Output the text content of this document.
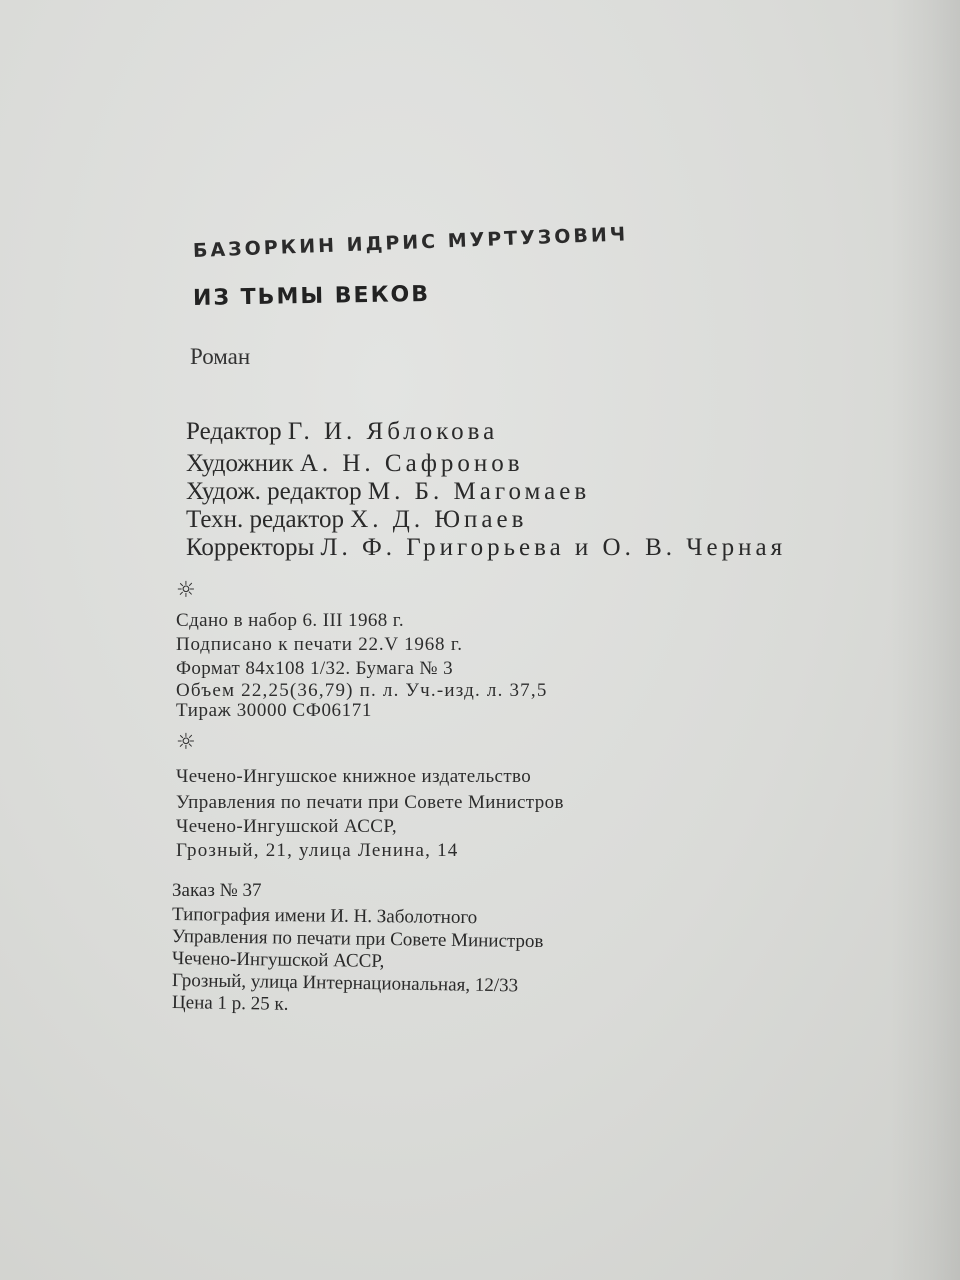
БАЗОРКИН ИДРИС МУРТУЗОВИЧ
ИЗ ТЬМЫ ВЕКОВ
Роман
Редактор Г. И. Яблокова
Художник А. Н. Сафронов
Худож. редактор М. Б. Магомаев
Техн. редактор Х. Д. Юпаев
Корректоры Л. Ф. Григорьева и О. В. Черная
☼
Сдано в набор 6. III 1968 г.
Подписано к печати 22.V 1968 г.
Формат 84x108 1/32. Бумага № 3
Объем 22,25(36,79) п. л. Уч.-изд. л. 37,5
Тираж 30000 СФ06171
☼
Чечено-Ингушское книжное издательство
Управления по печати при Совете Министров
Чечено-Ингушской АССР,
Грозный, 21, улица Ленина, 14
Заказ № 37
Типография имени И. Н. Заболотного
Управления по печати при Совете Министров
Чечено-Ингушской АССР,
Грозный, улица Интернациональная, 12/33
Цена 1 р. 25 к.
